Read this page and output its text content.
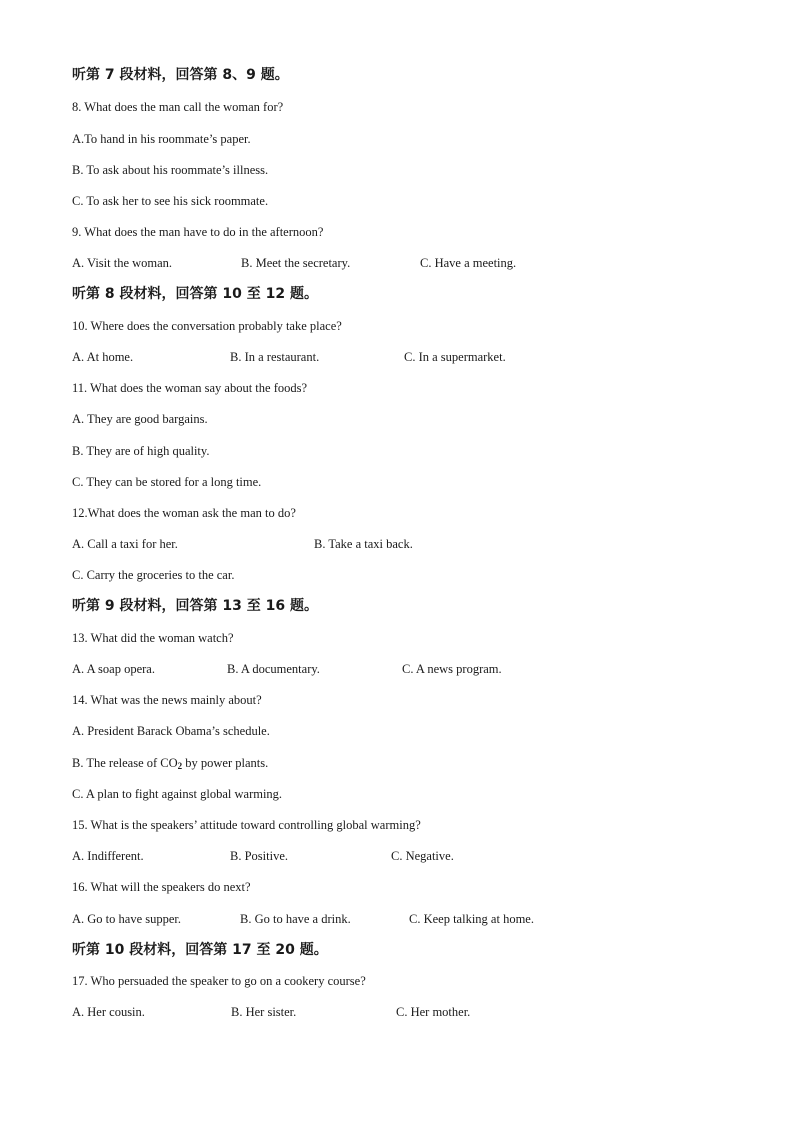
听第 7 段材料，回答第 8、9 题。
8. What does the man call the woman for?
A.To hand in his roommate’s paper.
B. To ask about his roommate’s illness.
C. To ask her to see his sick roommate.
9. What does the man have to do in the afternoon?
A. Visit the woman.	B. Meet the secretary.	C. Have a meeting.
听第 8 段材料，回答第 10 至 12 题。
10. Where does the conversation probably take place?
A. At home.	B. In a restaurant.	C. In a supermarket.
11. What does the woman say about the foods?
A. They are good bargains.
B. They are of high quality.
C. They can be stored for a long time.
12.What does the woman ask the man to do?
A. Call a taxi for her.	B. Take a taxi back.
C. Carry the groceries to the car.
听第 9 段材料，回答第 13 至 16 题。
13. What did the woman watch?
A. A soap opera.	B. A documentary.	C. A news program.
14. What was the news mainly about?
A. President Barack Obama’s schedule.
B. The release of $CO_2$ by power plants.
C. A plan to fight against global warming.
15. What is the speakers’ attitude toward controlling global warming?
A. Indifferent.	B. Positive.	C. Negative.
16. What will the speakers do next?
A. Go to have supper.	B. Go to have a drink.	C. Keep talking at home.
听第 10 段材料，回答第 17 至 20 题。
17. Who persuaded the speaker to go on a cookery course?
A. Her cousin.	B. Her sister.	C. Her mother.
